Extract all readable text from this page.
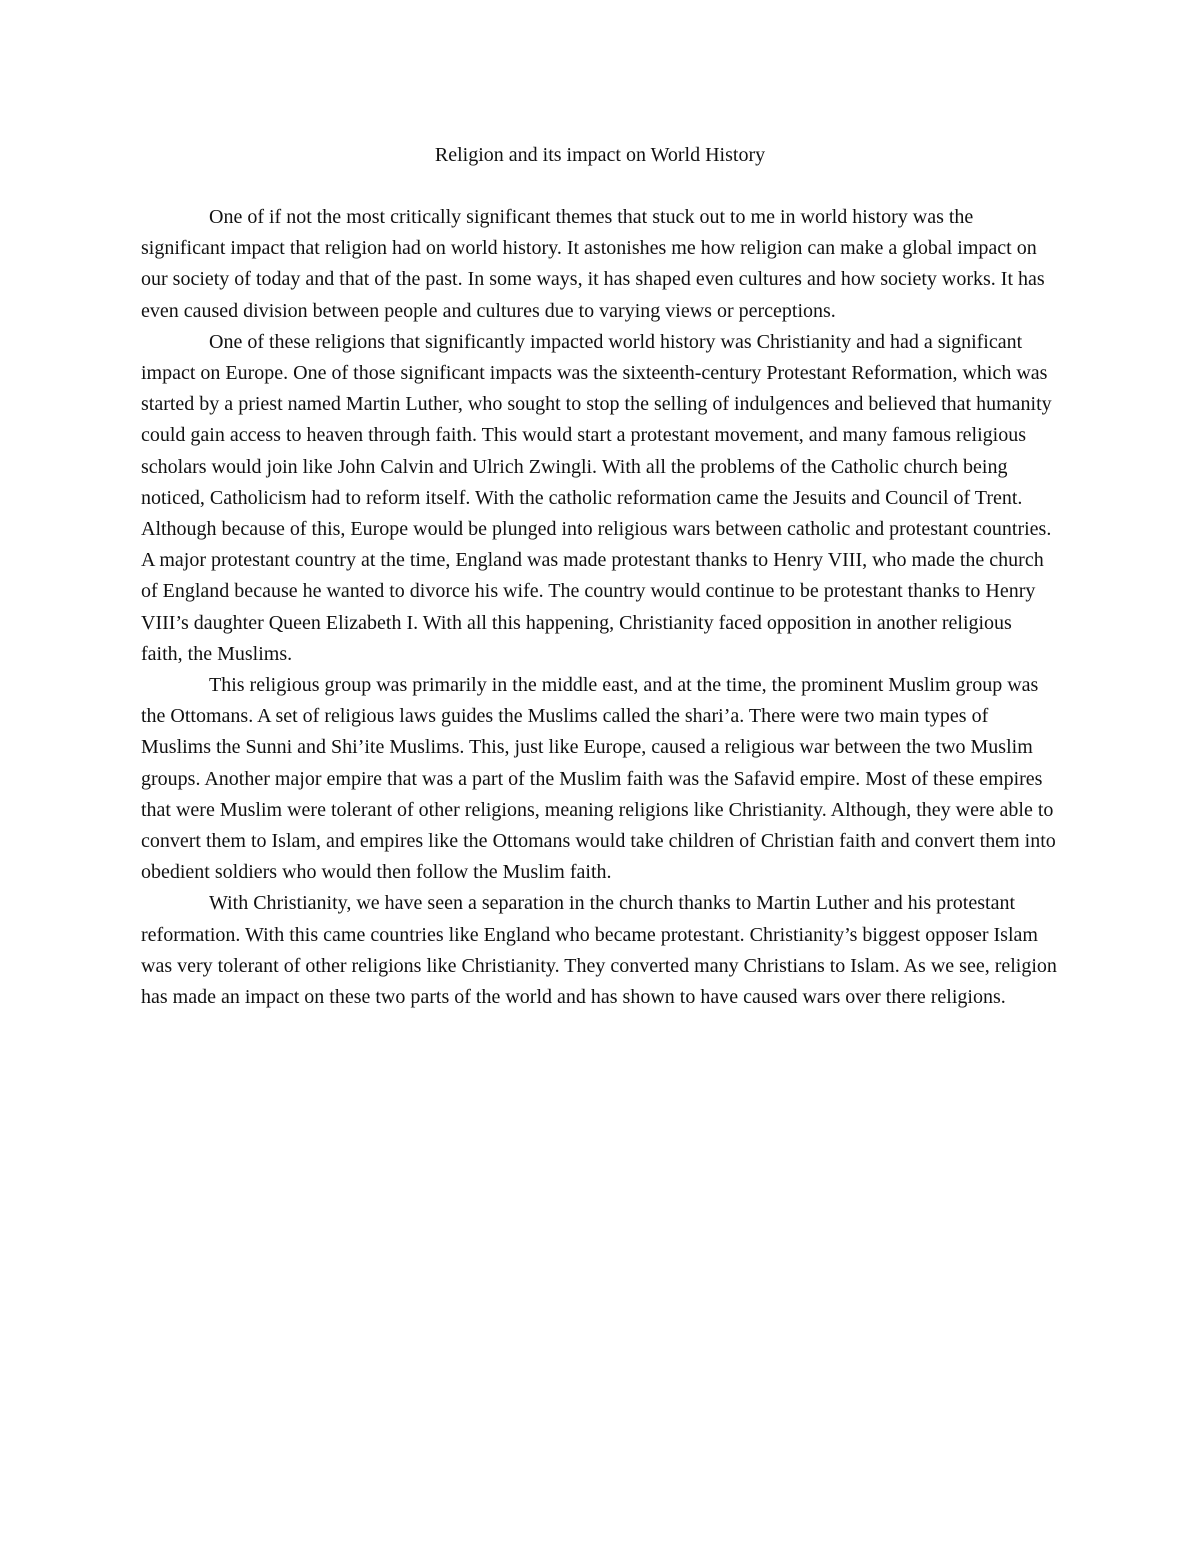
Religion and its impact on World History

One of if not the most critically significant themes that stuck out to me in world history was the significant impact that religion had on world history. It astonishes me how religion can make a global impact on our society of today and that of the past. In some ways, it has shaped even cultures and how society works. It has even caused division between people and cultures due to varying views or perceptions.

One of these religions that significantly impacted world history was Christianity and had a significant impact on Europe. One of those significant impacts was the sixteenth-century Protestant Reformation, which was started by a priest named Martin Luther, who sought to stop the selling of indulgences and believed that humanity could gain access to heaven through faith. This would start a protestant movement, and many famous religious scholars would join like John Calvin and Ulrich Zwingli. With all the problems of the Catholic church being noticed, Catholicism had to reform itself. With the catholic reformation came the Jesuits and Council of Trent. Although because of this, Europe would be plunged into religious wars between catholic and protestant countries. A major protestant country at the time, England was made protestant thanks to Henry VIII, who made the church of England because he wanted to divorce his wife. The country would continue to be protestant thanks to Henry VIII’s daughter Queen Elizabeth I. With all this happening, Christianity faced opposition in another religious faith, the Muslims.

This religious group was primarily in the middle east, and at the time, the prominent Muslim group was the Ottomans. A set of religious laws guides the Muslims called the shari’a. There were two main types of Muslims the Sunni and Shi’ite Muslims. This, just like Europe, caused a religious war between the two Muslim groups. Another major empire that was a part of the Muslim faith was the Safavid empire. Most of these empires that were Muslim were tolerant of other religions, meaning religions like Christianity. Although, they were able to convert them to Islam, and empires like the Ottomans would take children of Christian faith and convert them into obedient soldiers who would then follow the Muslim faith.

With Christianity, we have seen a separation in the church thanks to Martin Luther and his protestant reformation. With this came countries like England who became protestant. Christianity’s biggest opposer Islam was very tolerant of other religions like Christianity. They converted many Christians to Islam. As we see, religion has made an impact on these two parts of the world and has shown to have caused wars over there religions.
